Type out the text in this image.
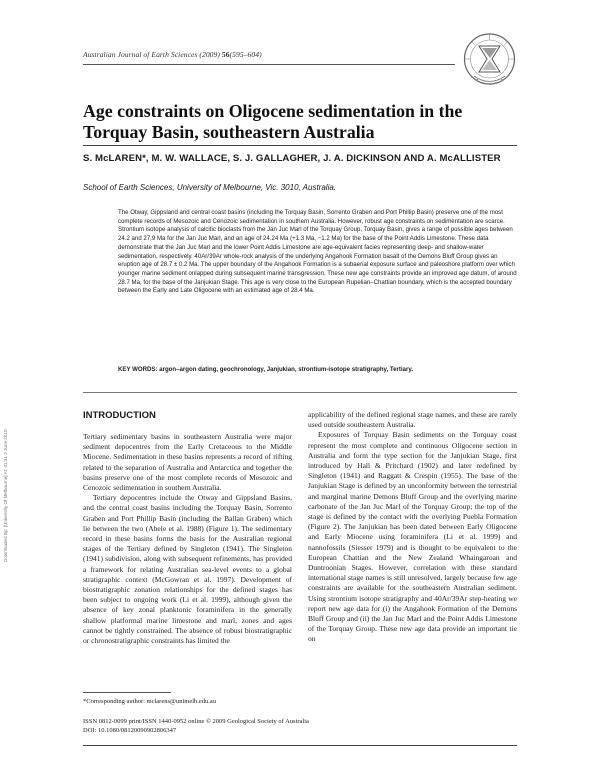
Australian Journal of Earth Sciences (2009) 56(595–604)
Age constraints on Oligocene sedimentation in the Torquay Basin, southeastern Australia
S. McLAREN*, M. W. WALLACE, S. J. GALLAGHER, J. A. DICKINSON AND A. McALLISTER
School of Earth Sciences, University of Melbourne, Vic. 3010, Australia.

The Otway, Gippsland and central coast basins (including the Torquay Basin, Sorrento Graben and Port Phillip Basin) preserve one of the most complete records of Mesozoic and Cenozoic sedimentation in southern Australia. However, robust age constraints on sedimentation are scarce. Strontium isotope analysis of calcitic bioclasts from the Jan Juc Marl of the Torquay Group, Torquay Basin, gives a range of possible ages between 24.2 and 27.9 Ma for the Jan Juc Marl, and an age of 24.24 Ma (+1.3 Ma, −1.2 Ma) for the base of the Point Addis Limestone. These data demonstrate that the Jan Juc Marl and the lower Point Addis Limestone are age-equivalent facies representing deep- and shallow-water sedimentation, respectively. 40Ar/39Ar whole-rock analysis of the underlying Angahook Formation basalt of the Demons Bluff Group gives an eruption age of 28.7 ± 0.2 Ma. The upper boundary of the Angahook Formation is a subaerial exposure surface and paleoshore platform over which younger marine sediment onlapped during subsequent marine transgression. These new age constraints provide an improved age datum, of around 28.7 Ma, for the base of the Janjukian Stage. This age is very close to the European Rupelian–Chattian boundary, which is the accepted boundary between the Early and Late Oligocene with an estimated age of 28.4 Ma.

KEY WORDS: argon–argon dating, geochronology, Janjukian, strontium-isotope stratigraphy, Tertiary.
Downloaded By: [University Of Melbourne] At: 01:31 2 June 2010
INTRODUCTION

Tertiary sedimentary basins in southeastern Australia were major sediment depocentres from the Early Cretaceous to the Middle Miocene. Sedimentation in these basins represents a record of rifting related to the separation of Australia and Antarctica and together the basins preserve one of the most complete records of Mesozoic and Cenozoic sedimentation in southern Australia.

Tertiary depocentres include the Otway and Gippsland Basins, and the central coast basins including the Torquay Basin, Sorrento Graben and Port Phillip Basin (including the Ballan Graben) which lie between the two (Abele et al. 1988) (Figure 1). The sedimentary record in these basins forms the basis for the Australian regional stages of the Tertiary defined by Singleton (1941). The Singleton (1941) subdivision, along with subsequent refinements, has provided a framework for relating Australian sea-level events to a global stratigraphic context (McGowran et al. 1997). Development of biostratigraphic zonation relationships for the defined stages has been subject to ongoing work (Li et al. 1999), although given the absence of key zonal planktonic foraminifera in the generally shallow platformal marine limestone and marl, zones and ages cannot be tightly constrained. The absence of robust biostratigraphic or chronostratigraphic constraints has limited the

applicability of the defined regional stage names, and these are rarely used outside southeastern Australia.

Exposures of Torquay Basin sediments on the Torquay coast represent the most complete and continuous Oligocene section in Australia and form the type section for the Janjukian Stage, first introduced by Hall & Pritchard (1902) and later redefined by Singleton (1941) and Raggatt & Crespin (1955). The base of the Janjukian Stage is defined by an unconformity between the terrestrial and marginal marine Demons Bluff Group and the overlying marine carbonate of the Jan Juc Marl of the Torquay Group; the top of the stage is defined by the contact with the overlying Puebla Formation (Figure 2). The Janjukian has been dated between Early Oligocene and Early Miocene using foraminifera (Li et al. 1999) and nannofossils (Siesser 1979) and is thought to be equivalent to the European Chattian and the New Zealand Whaingaroan and Duntroonian Stages. However, correlation with these standard international stage names is still unresolved, largely because few age constraints are available for the southeastern Australian sediment. Using strontium isotope stratigraphy and 40Ar/39Ar step-heating we report new age data for (i) the Angahook Formation of the Demons Bluff Group and (ii) the Jan Juc Marl and the Point Addis Limestone of the Torquay Group. These new age data provide an important tie on

*Corresponding author: mclarens@unimelb.edu.au
ISSN 0812-0099 print/ISSN 1440-0952 online © 2009 Geological Society of Australia
DOI: 10.1080/08120090902806347
